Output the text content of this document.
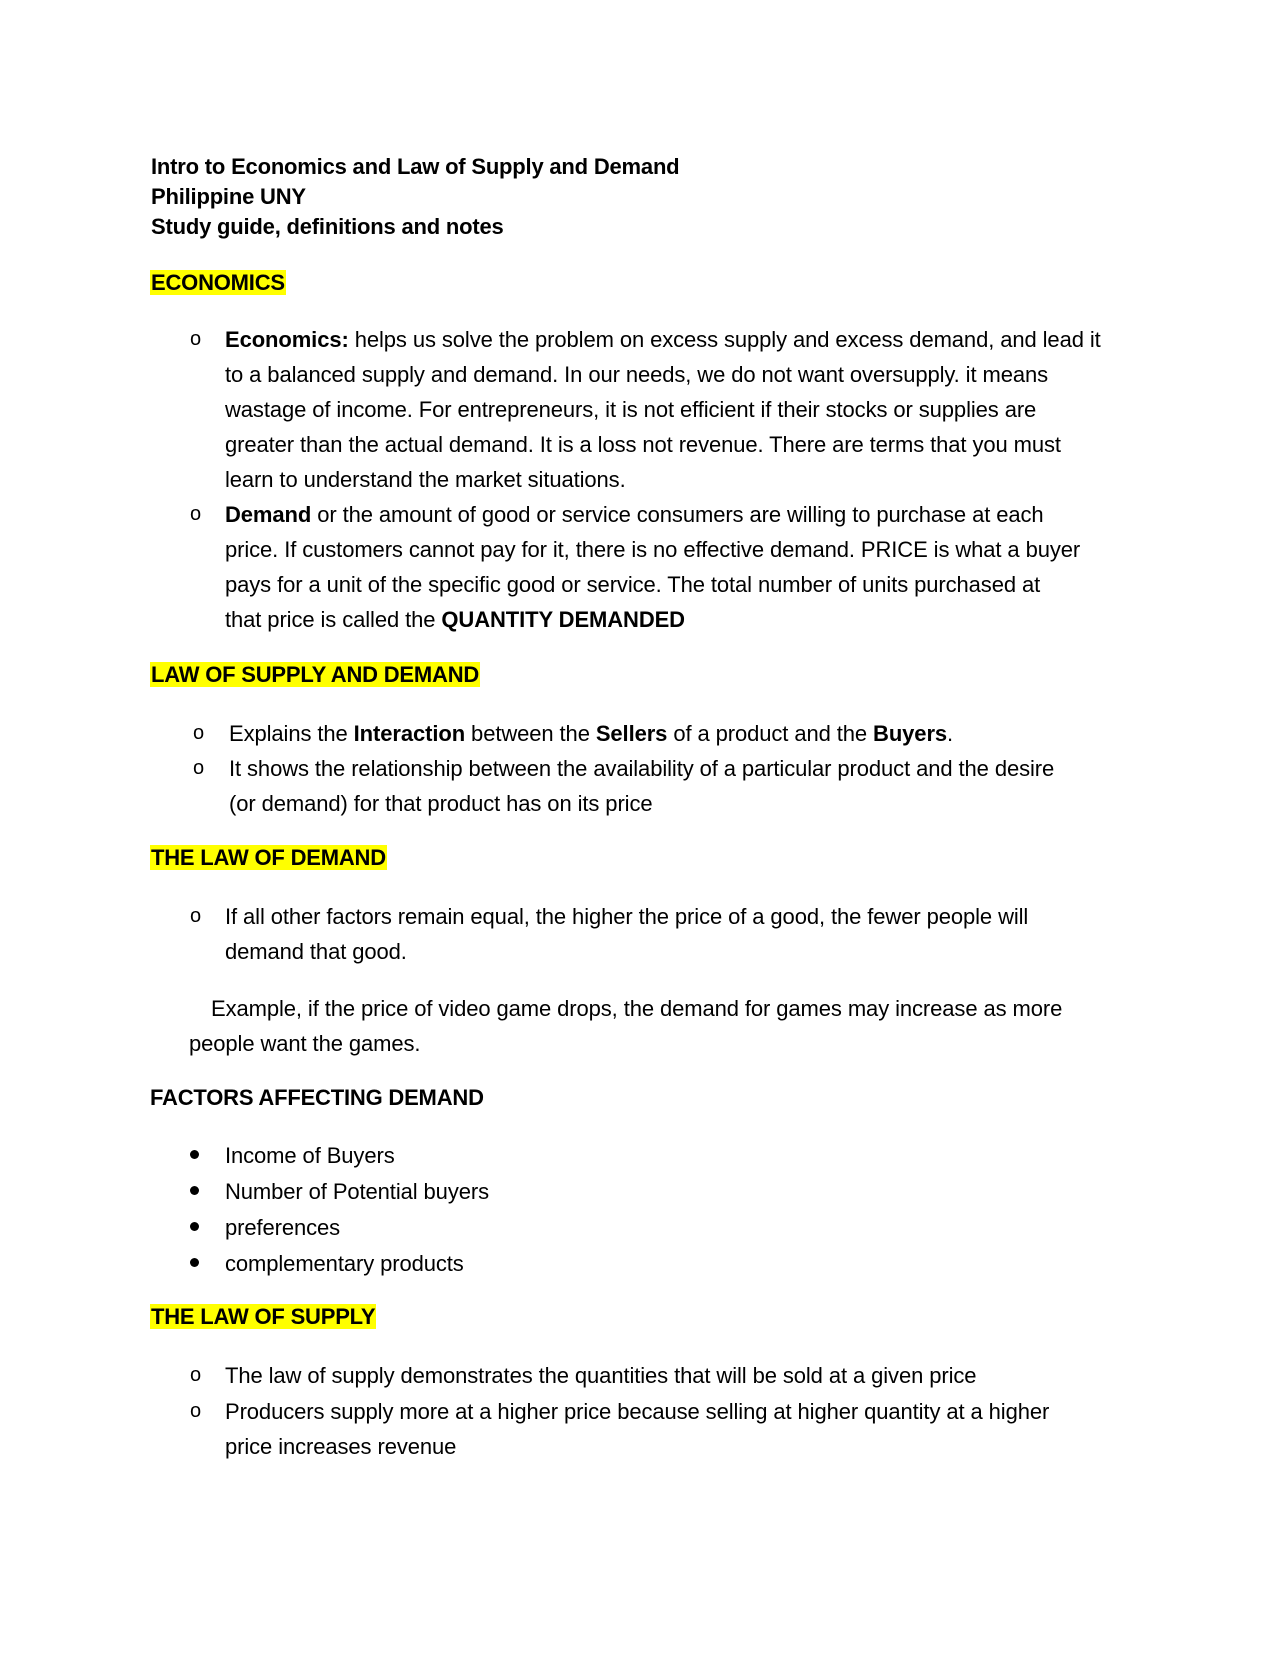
Intro to Economics and Law of Supply and Demand
Philippine UNY
Study guide, definitions and notes
ECONOMICS
o Economics: helps us solve the problem on excess supply and excess demand, and lead it
to a balanced supply and demand. In our needs, we do not want oversupply. it means
wastage of income. For entrepreneurs, it is not efficient if their stocks or supplies are
greater than the actual demand. It is a loss not revenue. There are terms that you must
learn to understand the market situations.
o Demand or the amount of good or service consumers are willing to purchase at each
price. If customers cannot pay for it, there is no effective demand. PRICE is what a buyer
pays for a unit of the specific good or service. The total number of units purchased at
that price is called the QUANTITY DEMANDED
LAW OF SUPPLY AND DEMAND
o Explains the Interaction between the Sellers of a product and the Buyers.
o It shows the relationship between the availability of a particular product and the desire
(or demand) for that product has on its price
THE LAW OF DEMAND
o If all other factors remain equal, the higher the price of a good, the fewer people will
demand that good.
Example, if the price of video game drops, the demand for games may increase as more
people want the games.
FACTORS AFFECTING DEMAND
Income of Buyers
Number of Potential buyers
preferences
complementary products
THE LAW OF SUPPLY
o The law of supply demonstrates the quantities that will be sold at a given price
o Producers supply more at a higher price because selling at higher quantity at a higher
price increases revenue
